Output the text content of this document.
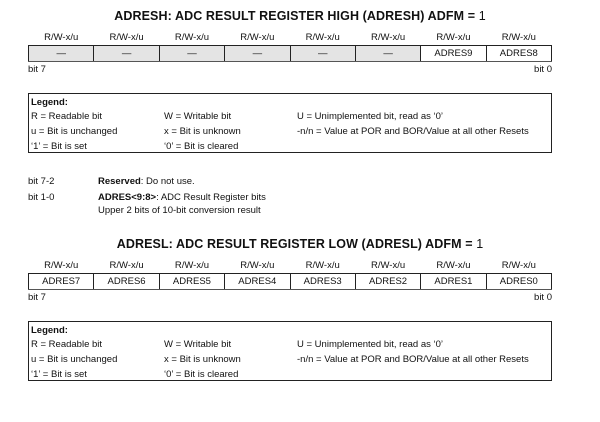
ADRESH: ADC RESULT REGISTER HIGH (ADRESH) ADFM = 1
R/W-x/u	R/W-x/u	R/W-x/u	R/W-x/u	R/W-x/u	R/W-x/u	R/W-x/u	R/W-x/u
—	—	—	—	—	—	ADRES9	ADRES8
bit 7	bit 0
Legend:
R = Readable bit	W = Writable bit	U = Unimplemented bit, read as ‘0’
u = Bit is unchanged	x = Bit is unknown	-n/n = Value at POR and BOR/Value at all other Resets
‘1’ = Bit is set	‘0’ = Bit is cleared
bit 7-2	Reserved: Do not use.
bit 1-0	ADRES<9:8>: ADC Result Register bits
Upper 2 bits of 10-bit conversion result
ADRESL: ADC RESULT REGISTER LOW (ADRESL) ADFM = 1
R/W-x/u	R/W-x/u	R/W-x/u	R/W-x/u	R/W-x/u	R/W-x/u	R/W-x/u	R/W-x/u
ADRES7	ADRES6	ADRES5	ADRES4	ADRES3	ADRES2	ADRES1	ADRES0
bit 7	bit 0
Legend:
R = Readable bit	W = Writable bit	U = Unimplemented bit, read as ‘0’
u = Bit is unchanged	x = Bit is unknown	-n/n = Value at POR and BOR/Value at all other Resets
‘1’ = Bit is set	‘0’ = Bit is cleared
